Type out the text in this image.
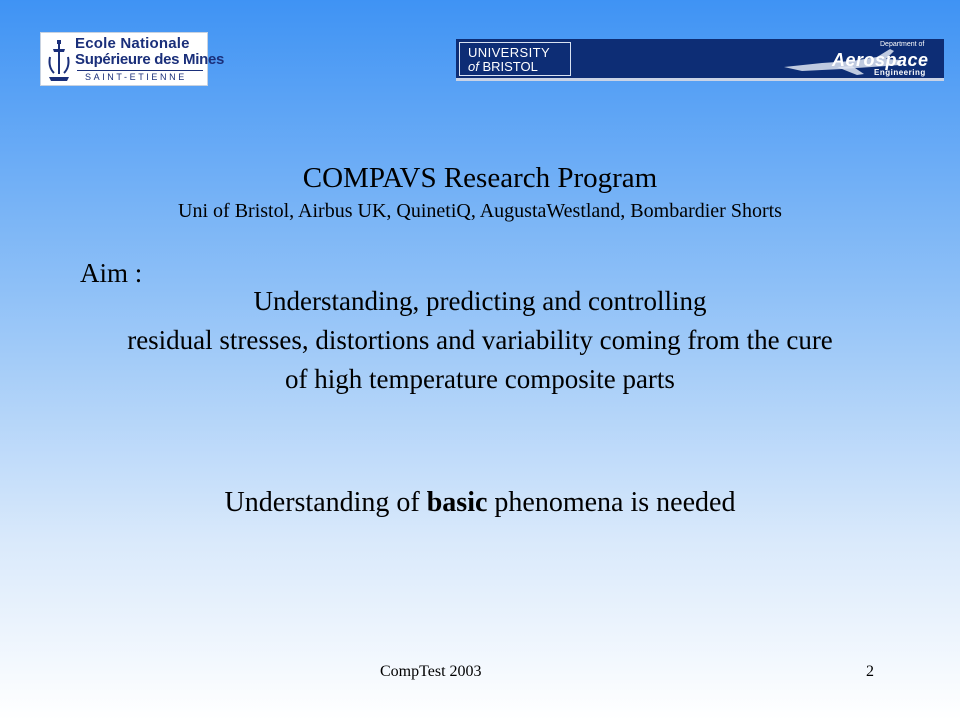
Ecole Nationale
Supérieure des Mines
SAINT-ETIENNE
UNIVERSITY
of BRISTOL
Department of
Aerospace
Engineering
COMPAVS Research Program
Uni of Bristol, Airbus UK, QuinetiQ, AugustaWestland, Bombardier Shorts
Aim :
Understanding, predicting and controlling
residual stresses, distortions and variability coming from the cure
of high temperature composite parts
Understanding of basic phenomena is needed
CompTest 2003	2
